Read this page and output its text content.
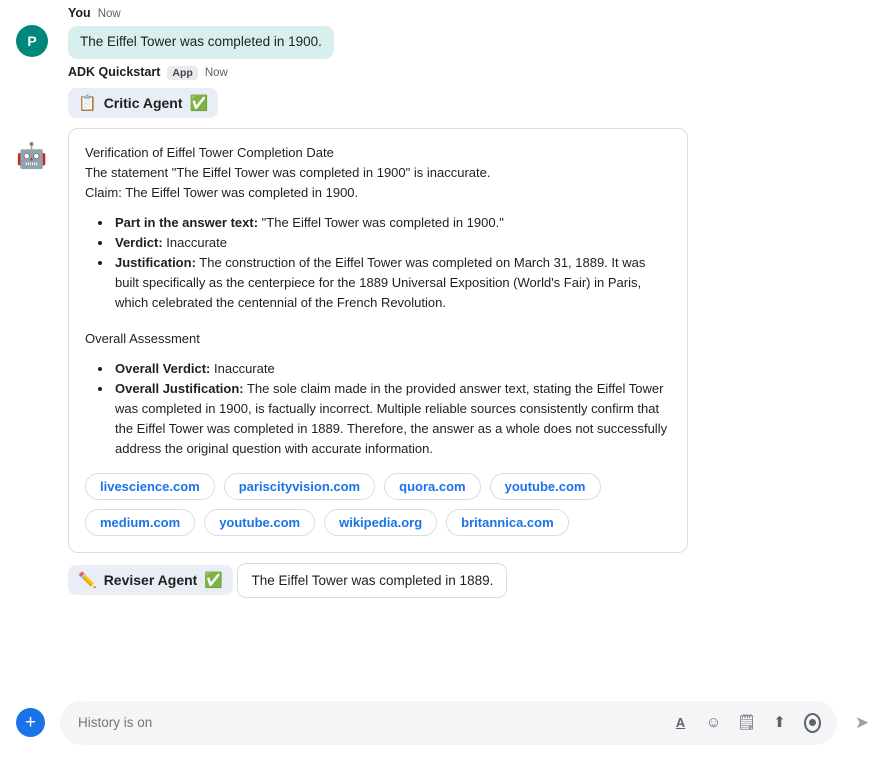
P
You Now
The Eiffel Tower was completed in 1900.
🤖
ADK Quickstart	App	Now
📋 Critic Agent ✅

Verification of Eiffel Tower Completion Date

The statement "The Eiffel Tower was completed in 1900" is inaccurate.

Claim: The Eiffel Tower was completed in 1900.

• Part in the answer text: "The Eiffel Tower was completed in 1900."
• Verdict: Inaccurate
• Justification: The construction of the Eiffel Tower was completed on March 31, 1889. It was built specifically as the centerpiece for the 1889 Universal Exposition (World's Fair) in Paris, which celebrated the centennial of the French Revolution.

Overall Assessment

• Overall Verdict: Inaccurate
• Overall Justification: The sole claim made in the provided answer text, stating the Eiffel Tower was completed in 1900, is factually incorrect. Multiple reliable sources consistently confirm that the Eiffel Tower was completed in 1889. Therefore, the answer as a whole does not successfully address the original question with accurate information.
livescience.com	pariscityvision.com	quora.com	youtube.com
medium.com	youtube.com	wikipedia.org	britannica.com
✏️ Reviser Agent ✅ The Eiffel Tower was completed in 1889.
+
History is on	A ☺ 🗒 ⬆	➤
